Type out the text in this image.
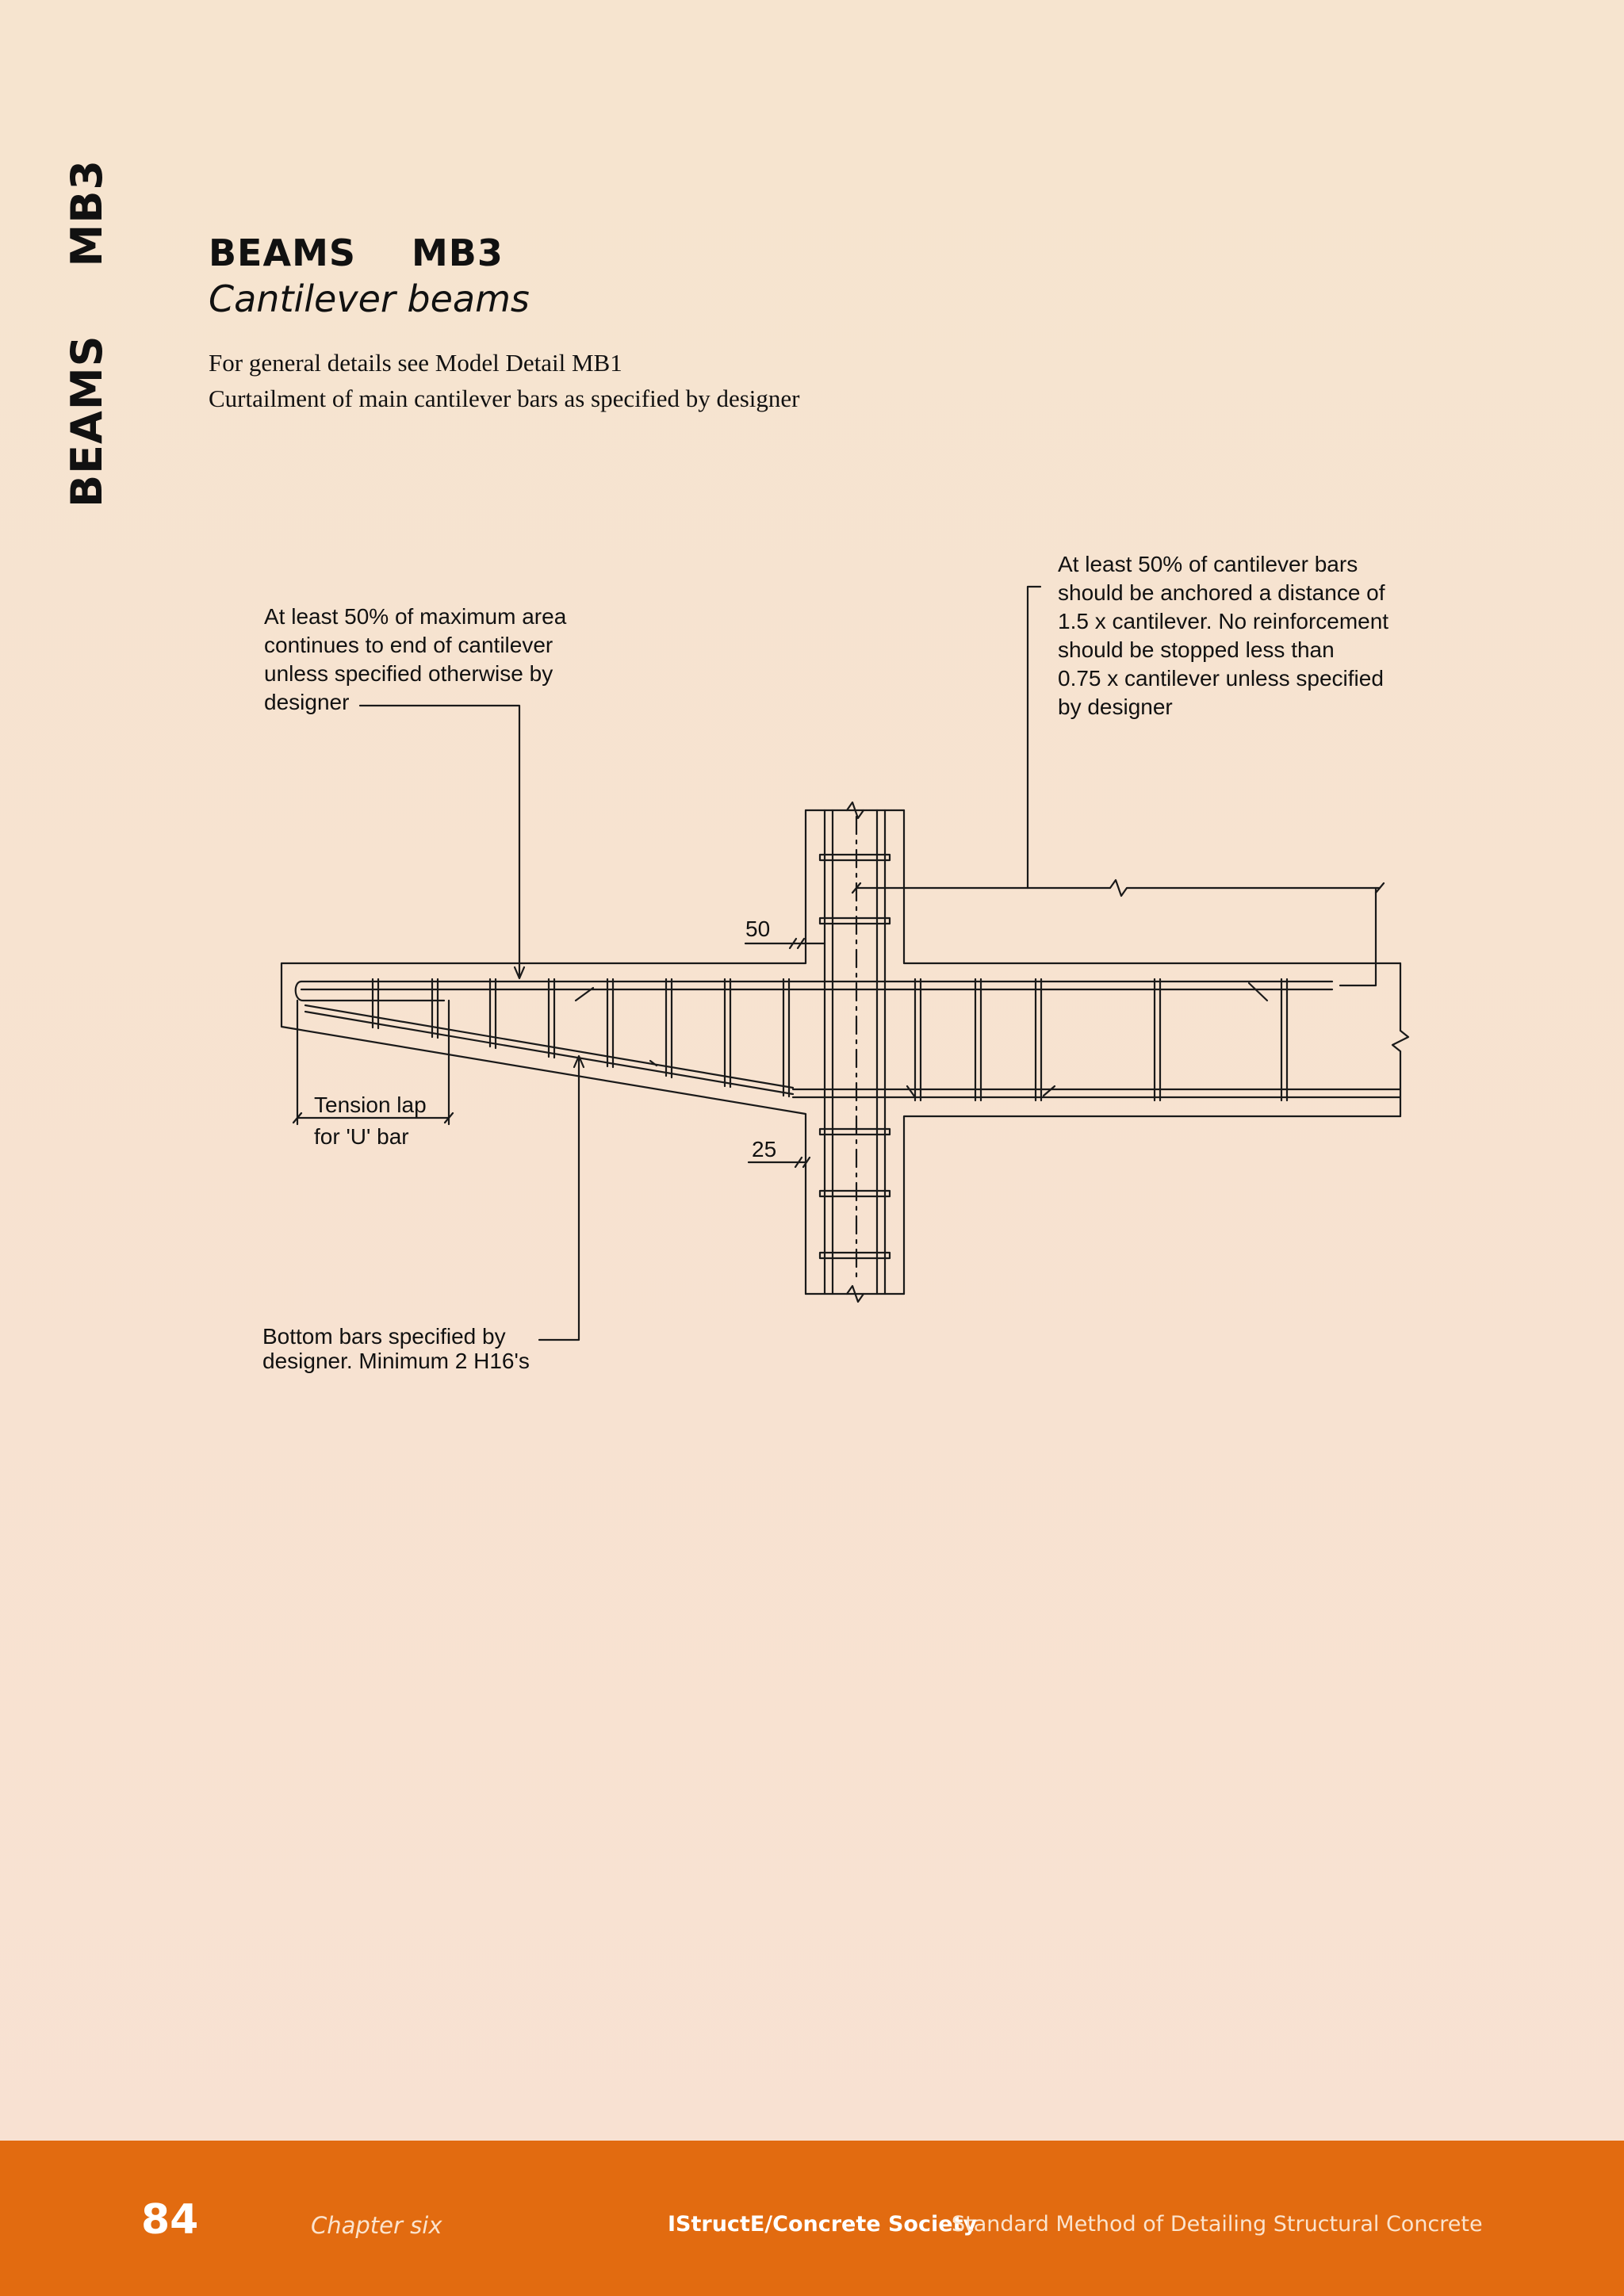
BEAMSMB3	BEAMS MB3
Cantilever beams
For general details see Model Detail MB1
Curtailment of main cantilever bars as specified by designer
At least 50% of maximum area
continues to end of cantilever
unless specified otherwise by
designer
At least 50% of cantilever bars
should be anchored a distance of
1.5 x cantilever. No reinforcement
should be stopped less than
0.75 x cantilever unless specified
by designer
Tension lap
for 'U' bar
Bottom bars specified by
designer. Minimum 2 H16's
50
25
84	Chapter six	IStructE/Concrete Society
Standard Method of Detailing Structural Concrete
